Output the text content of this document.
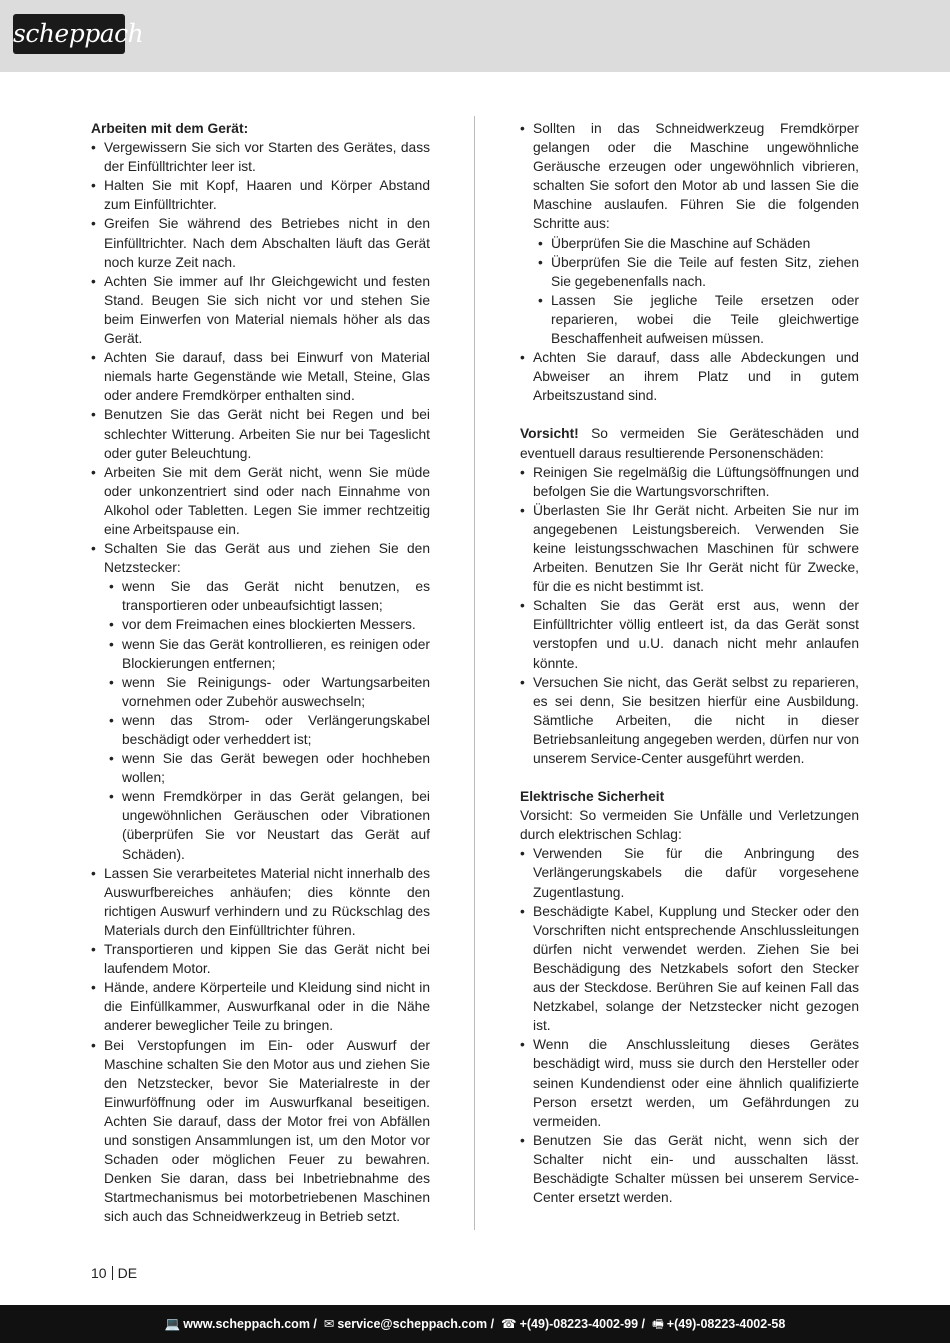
scheppach
Arbeiten mit dem Gerät:
• Vergewissern Sie sich vor Starten des Gerätes, dass der Einfülltrichter leer ist.
• Halten Sie mit Kopf, Haaren und Körper Abstand zum Einfülltrichter.
• Greifen Sie während des Betriebes nicht in den Einfülltrichter. Nach dem Abschalten läuft das Gerät noch kurze Zeit nach.
• Achten Sie immer auf Ihr Gleichgewicht und festen Stand. Beugen Sie sich nicht vor und stehen Sie beim Einwerfen von Material niemals höher als das Gerät.
• Achten Sie darauf, dass bei Einwurf von Material niemals harte Gegenstände wie Metall, Steine, Glas oder andere Fremdkörper enthalten sind.
• Benutzen Sie das Gerät nicht bei Regen und bei schlechter Witterung. Arbeiten Sie nur bei Tageslicht oder guter Beleuchtung.
• Arbeiten Sie mit dem Gerät nicht, wenn Sie müde oder unkonzentriert sind oder nach Einnahme von Alkohol oder Tabletten. Legen Sie immer rechtzeitig eine Arbeitspause ein.
• Schalten Sie das Gerät aus und ziehen Sie den Netzstecker:
• wenn Sie das Gerät nicht benutzen, es transportieren oder unbeaufsichtigt lassen;
• vor dem Freimachen eines blockierten Messers.
• wenn Sie das Gerät kontrollieren, es reinigen oder Blockierungen entfernen;
• wenn Sie Reinigungs- oder Wartungsarbeiten vornehmen oder Zubehör auswechseln;
• wenn das Strom- oder Verlängerungskabel beschädigt oder verheddert ist;
• wenn Sie das Gerät bewegen oder hochheben wollen;
• wenn Fremdkörper in das Gerät gelangen, bei ungewöhnlichen Geräuschen oder Vibrationen (überprüfen Sie vor Neustart das Gerät auf Schäden).
• Lassen Sie verarbeitetes Material nicht innerhalb des Auswurfbereiches anhäufen; dies könnte den richtigen Auswurf verhindern und zu Rückschlag des Materials durch den Einfülltrichter führen.
• Transportieren und kippen Sie das Gerät nicht bei laufendem Motor.
• Hände, andere Körperteile und Kleidung sind nicht in die Einfüllkammer, Auswurfkanal oder in die Nähe anderer beweglicher Teile zu bringen.
• Bei Verstopfungen im Ein- oder Auswurf der Maschine schalten Sie den Motor aus und ziehen Sie den Netzstecker, bevor Sie Materialreste in der Einwurföffnung oder im Auswurfkanal beseitigen. Achten Sie darauf, dass der Motor frei von Abfällen und sonstigen Ansammlungen ist, um den Motor vor Schaden oder möglichen Feuer zu bewahren. Denken Sie daran, dass bei Inbetriebnahme des Startmechanismus bei motorbetriebenen Maschinen sich auch das Schneidwerkzeug in Betrieb setzt.
• Sollten in das Schneidwerkzeug Fremdkörper gelangen oder die Maschine ungewöhnliche Geräusche erzeugen oder ungewöhnlich vibrieren, schalten Sie sofort den Motor ab und lassen Sie die Maschine auslaufen. Führen Sie die folgenden Schritte aus:
• Überprüfen Sie die Maschine auf Schäden
• Überprüfen Sie die Teile auf festen Sitz, ziehen Sie gegebenenfalls nach.
• Lassen Sie jegliche Teile ersetzen oder reparieren, wobei die Teile gleichwertige Beschaffenheit aufweisen müssen.
• Achten Sie darauf, dass alle Abdeckungen und Abweiser an ihrem Platz und in gutem Arbeitszustand sind.
Vorsicht! So vermeiden Sie Geräteschäden und eventuell daraus resultierende Personenschäden:
• Reinigen Sie regelmäßig die Lüftungsöffnungen und befolgen Sie die Wartungsvorschriften.
• Überlasten Sie Ihr Gerät nicht. Arbeiten Sie nur im angegebenen Leistungsbereich. Verwenden Sie keine leistungsschwachen Maschinen für schwere Arbeiten. Benutzen Sie Ihr Gerät nicht für Zwecke, für die es nicht bestimmt ist.
• Schalten Sie das Gerät erst aus, wenn der Einfülltrichter völlig entleert ist, da das Gerät sonst verstopfen und u.U. danach nicht mehr anlaufen könnte.
• Versuchen Sie nicht, das Gerät selbst zu reparieren, es sei denn, Sie besitzen hierfür eine Ausbildung. Sämtliche Arbeiten, die nicht in dieser Betriebsanleitung angegeben werden, dürfen nur von unserem Service-Center ausgeführt werden.
Elektrische Sicherheit
Vorsicht: So vermeiden Sie Unfälle und Verletzungen durch elektrischen Schlag:
• Verwenden Sie für die Anbringung des Verlängerungskabels die dafür vorgesehene Zugentlastung.
• Beschädigte Kabel, Kupplung und Stecker oder den Vorschriften nicht entsprechende Anschlussleitungen dürfen nicht verwendet werden. Ziehen Sie bei Beschädigung des Netzkabels sofort den Stecker aus der Steckdose. Berühren Sie auf keinen Fall das Netzkabel, solange der Netzstecker nicht gezogen ist.
• Wenn die Anschlussleitung dieses Gerätes beschädigt wird, muss sie durch den Hersteller oder seinen Kundendienst oder eine ähnlich qualifizierte Person ersetzt werden, um Gefährdungen zu vermeiden.
• Benutzen Sie das Gerät nicht, wenn sich der Schalter nicht ein- und ausschalten lässt. Beschädigte Schalter müssen bei unserem Service-Center ersetzt werden.
10 DE
💻 www.scheppach.com / ✉ service@scheppach.com / ☎ +(49)-08223-4002-99 / 🖷 +(49)-08223-4002-58
